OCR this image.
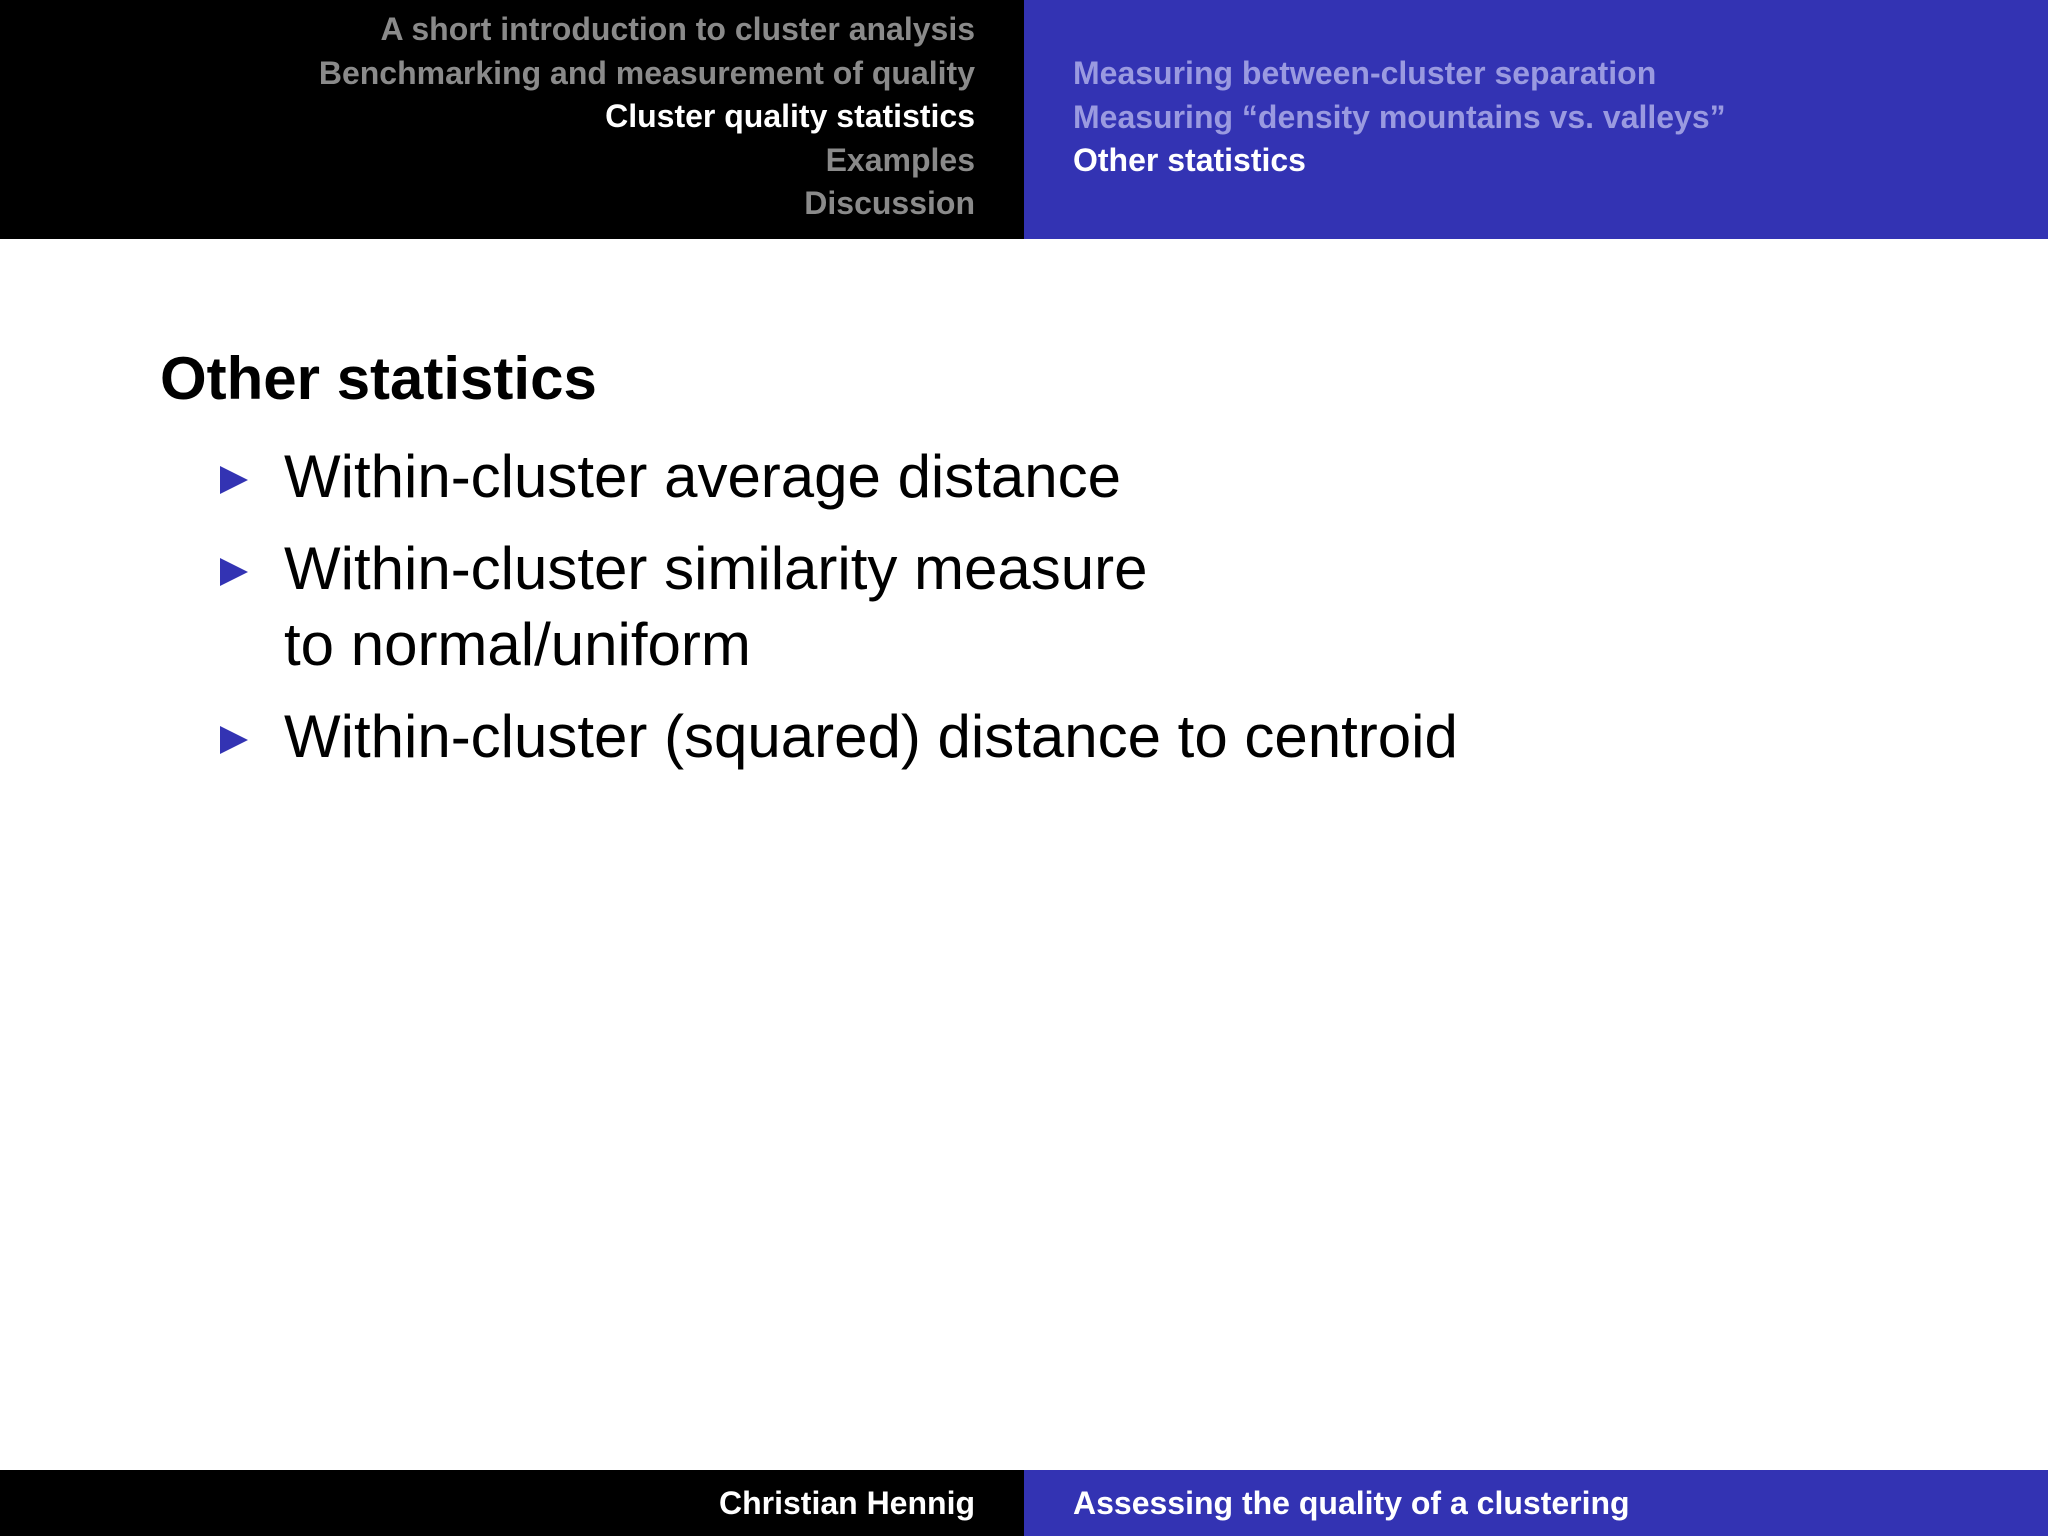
A short introduction to cluster analysis
Benchmarking and measurement of quality
Cluster quality statistics
Examples
Discussion
Measuring between-cluster separation
Measuring “density mountains vs. valleys”
Other statistics
Other statistics
Within-cluster average distance
Within-cluster similarity measure
to normal/uniform
Within-cluster (squared) distance to centroid
Christian Hennig	Assessing the quality of a clustering
